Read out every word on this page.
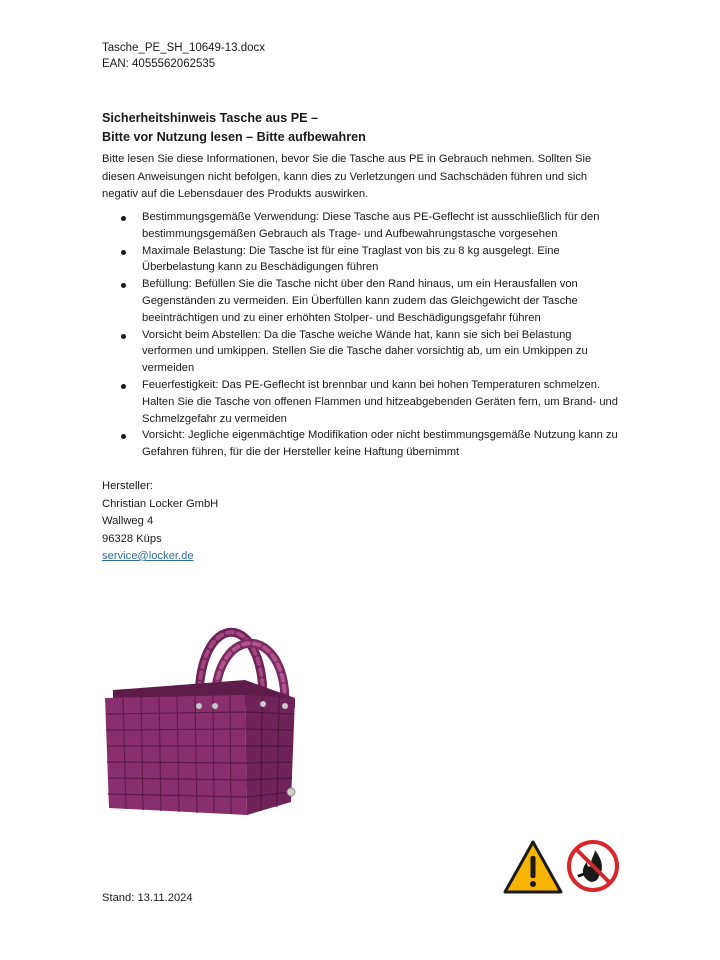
Tasche_PE_SH_10649-13.docx
EAN: 4055562062535
Sicherheitshinweis Tasche aus PE –
Bitte vor Nutzung lesen – Bitte aufbewahren
Bitte lesen Sie diese Informationen, bevor Sie die Tasche aus PE in Gebrauch nehmen. Sollten Sie diesen Anweisungen nicht befolgen, kann dies zu Verletzungen und Sachschäden führen und sich negativ auf die Lebensdauer des Produkts auswirken.
Bestimmungsgemäße Verwendung: Diese Tasche aus PE-Geflecht ist ausschließlich für den bestimmungsgemäßen Gebrauch als Trage- und Aufbewahrungstasche vorgesehen
Maximale Belastung: Die Tasche ist für eine Traglast von bis zu 8 kg ausgelegt. Eine Überbelastung kann zu Beschädigungen führen
Befüllung: Befüllen Sie die Tasche nicht über den Rand hinaus, um ein Herausfallen von Gegenständen zu vermeiden. Ein Überfüllen kann zudem das Gleichgewicht der Tasche beeinträchtigen und zu einer erhöhten Stolper- und Beschädigungsgefahr führen
Vorsicht beim Abstellen: Da die Tasche weiche Wände hat, kann sie sich bei Belastung verformen und umkippen. Stellen Sie die Tasche daher vorsichtig ab, um ein Umkippen zu vermeiden
Feuerfestigkeit: Das PE-Geflecht ist brennbar und kann bei hohen Temperaturen schmelzen. Halten Sie die Tasche von offenen Flammen und hitzeabgebenden Geräten fern, um Brand- und Schmelzgefahr zu vermeiden
Vorsicht: Jegliche eigenmächtige Modifikation oder nicht bestimmungsgemäße Nutzung kann zu Gefahren führen, für die der Hersteller keine Haftung übernimmt
Hersteller:
Christian Locker GmbH
Wallweg 4
96328 Küps
service@locker.de
Stand: 13.11.2024
